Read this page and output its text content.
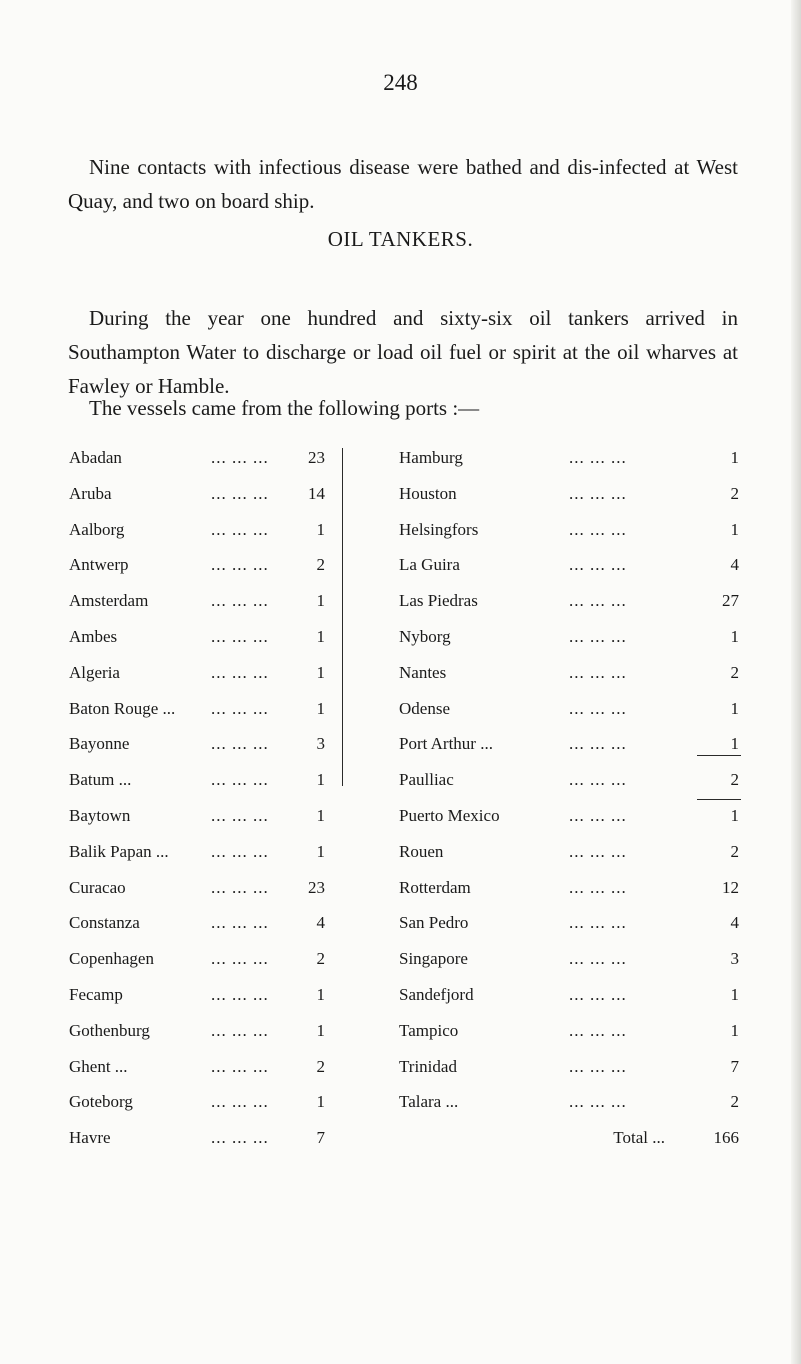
248

Nine contacts with infectious disease were bathed and dis-infected at West Quay, and two on board ship.

OIL TANKERS.

During the year one hundred and sixty-six oil tankers arrived in Southampton Water to discharge or load oil fuel or spirit at the oil wharves at Fawley or Hamble.

The vessels came from the following ports :—
Abadan	... ... ... 23
Aruba	... ... ... 14
Aalborg	... ... ...	1
Antwerp	... ... ...	2
Amsterdam	... ... ...	1
Ambes	... ... ...	1
Algeria	... ... ...	1
Baton Rouge ... ... ... ...	1
Bayonne	... ... ...	3
Batum ...	... ... ...	1
Baytown	... ... ...	1
Balik Papan ... ... ... ...	1
Curacao	... ... ... 23
Constanza	... ... ...	4
Copenhagen	... ... ...	2
Fecamp	... ... ...	1
Gothenburg	... ... ...	1
Ghent ...	... ... ...	2
Goteborg	... ... ...	1
Havre	... ... ...	7
Hamburg	... ... ...	1
Houston	... ... ...	2
Helsingfors	... ... ...	1
La Guira	... ... ...	4
Las Piedras	... ... ...	27
Nyborg	... ... ...	1
Nantes	... ... ...	2
Odense	... ... ...	1
Port Arthur ...	... ... ...	1
Paulliac	... ... ...	2
Puerto Mexico	... ... ...	1
Rouen	... ... ...	2
Rotterdam	... ... ...	12
San Pedro	... ... ...	4
Singapore	... ... ...	3
Sandefjord	... ... ...	1
Tampico	... ... ...	1
Trinidad	... ... ...	7
Talara ...	... ... ...	2
Total ...	166
